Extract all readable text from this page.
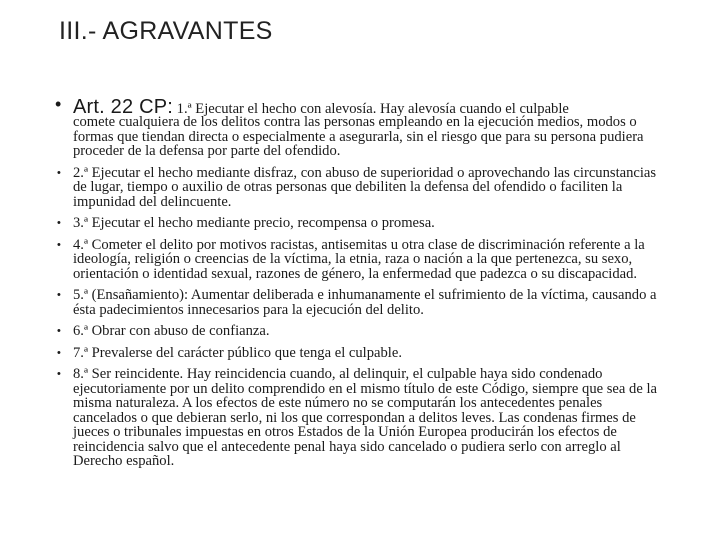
III.- AGRAVANTES
• Art. 22 CP: 1.ª Ejecutar el hecho con alevosía. Hay alevosía cuando el culpable
comete cualquiera de los delitos contra las personas empleando en la ejecución medios, modos o formas que tiendan directa o especialmente a asegurarla, sin el riesgo que para su persona pudiera proceder de la defensa por parte del ofendido.
• 2.ª Ejecutar el hecho mediante disfraz, con abuso de superioridad o aprovechando las circunstancias de lugar, tiempo o auxilio de otras personas que debiliten la defensa del ofendido o faciliten la impunidad del delincuente.
• 3.ª Ejecutar el hecho mediante precio, recompensa o promesa.
• 4.ª Cometer el delito por motivos racistas, antisemitas u otra clase de discriminación referente a la ideología, religión o creencias de la víctima, la etnia, raza o nación a la que pertenezca, su sexo, orientación o identidad sexual, razones de género, la enfermedad que padezca o su discapacidad.
• 5.ª (Ensañamiento): Aumentar deliberada e inhumanamente el sufrimiento de la víctima, causando a ésta padecimientos innecesarios para la ejecución del delito.
• 6.ª Obrar con abuso de confianza.
• 7.ª Prevalerse del carácter público que tenga el culpable.
• 8.ª Ser reincidente. Hay reincidencia cuando, al delinquir, el culpable haya sido condenado ejecutoriamente por un delito comprendido en el mismo título de este Código, siempre que sea de la misma naturaleza. A los efectos de este número no se computarán los antecedentes penales cancelados o que debieran serlo, ni los que correspondan a delitos leves. Las condenas firmes de jueces o tribunales impuestas en otros Estados de la Unión Europea producirán los efectos de reincidencia salvo que el antecedente penal haya sido cancelado o pudiera serlo con arreglo al Derecho español.
